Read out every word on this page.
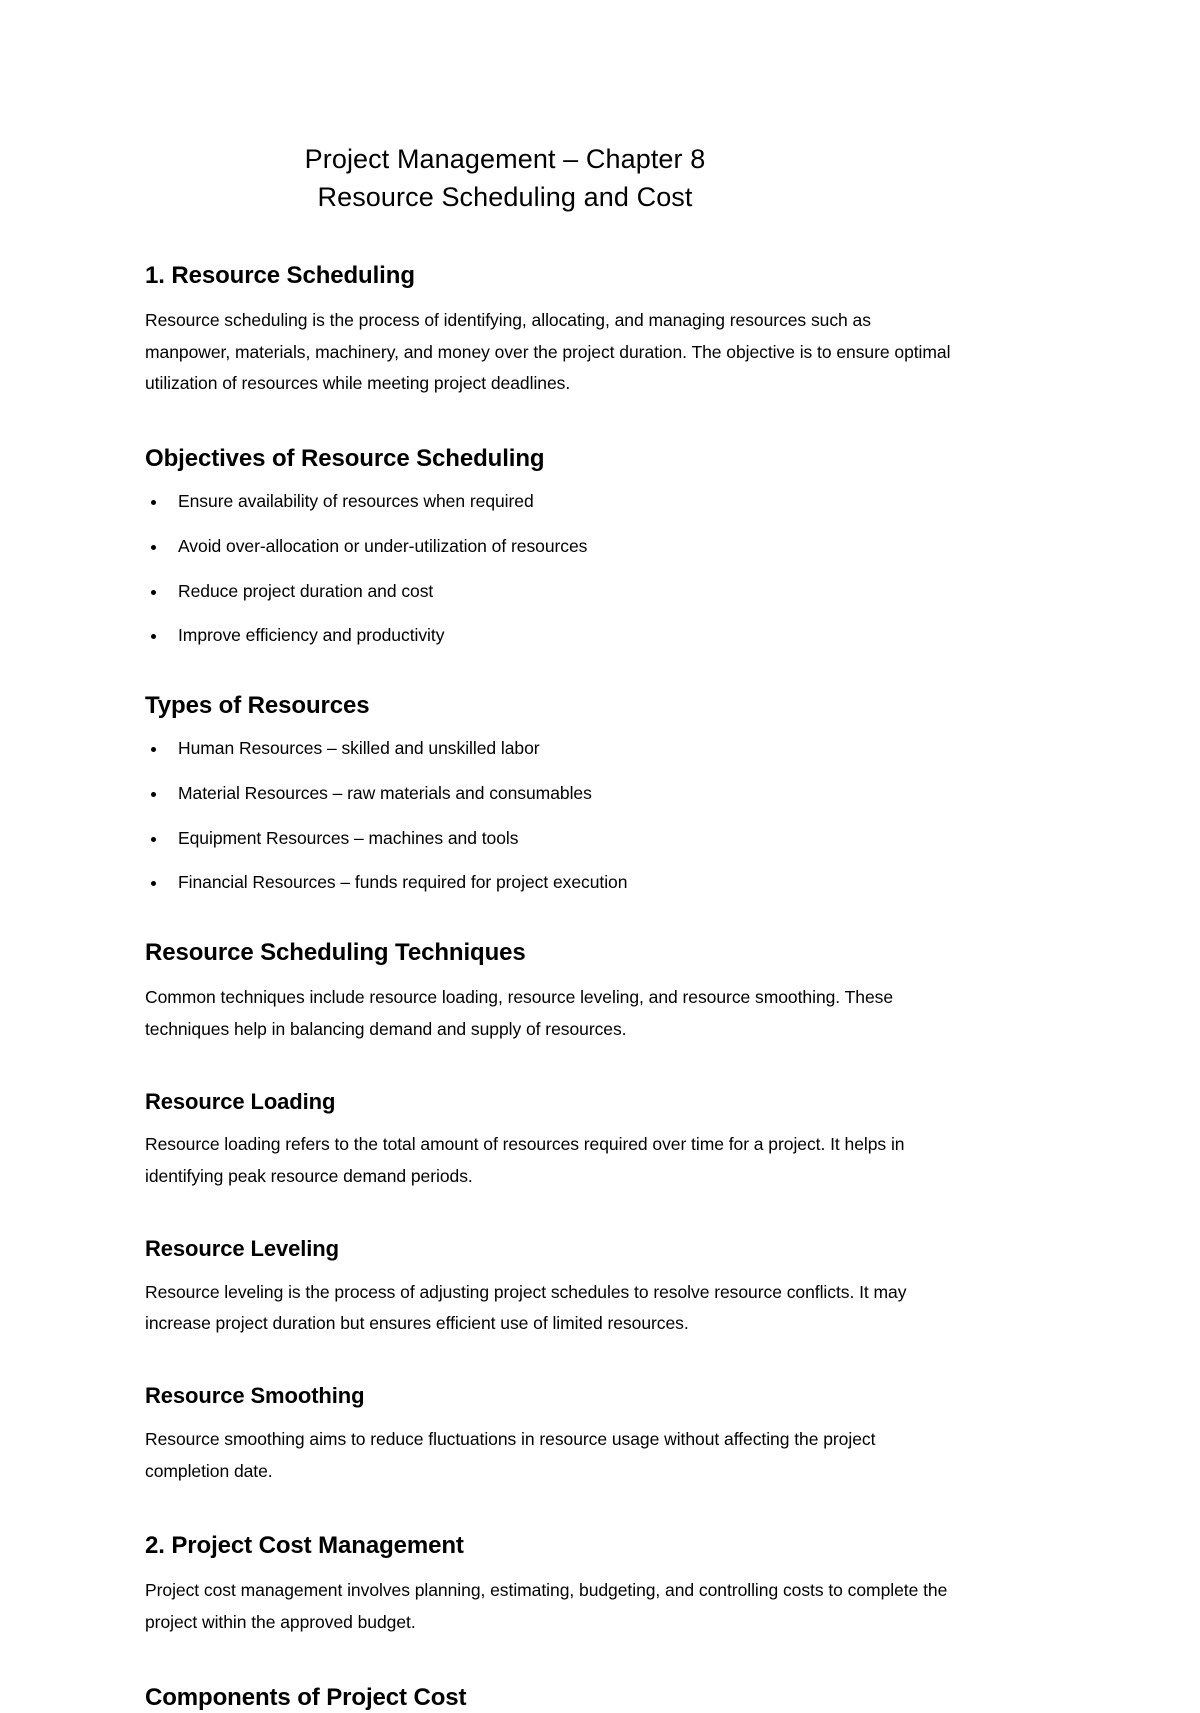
Project Management – Chapter 8
Resource Scheduling and Cost
1. Resource Scheduling

Resource scheduling is the process of identifying, allocating, and managing resources such as manpower, materials, machinery, and money over the project duration. The objective is to ensure optimal utilization of resources while meeting project deadlines.

Objectives of Resource Scheduling
Ensure availability of resources when required
Avoid over-allocation or under-utilization of resources
Reduce project duration and cost
Improve efficiency and productivity
Types of Resources
Human Resources – skilled and unskilled labor
Material Resources – raw materials and consumables
Equipment Resources – machines and tools
Financial Resources – funds required for project execution
Resource Scheduling Techniques

Common techniques include resource loading, resource leveling, and resource smoothing. These techniques help in balancing demand and supply of resources.

Resource Loading

Resource loading refers to the total amount of resources required over time for a project. It helps in identifying peak resource demand periods.

Resource Leveling

Resource leveling is the process of adjusting project schedules to resolve resource conflicts. It may increase project duration but ensures efficient use of limited resources.

Resource Smoothing

Resource smoothing aims to reduce fluctuations in resource usage without affecting the project completion date.

2. Project Cost Management

Project cost management involves planning, estimating, budgeting, and controlling costs to complete the project within the approved budget.

Components of Project Cost
